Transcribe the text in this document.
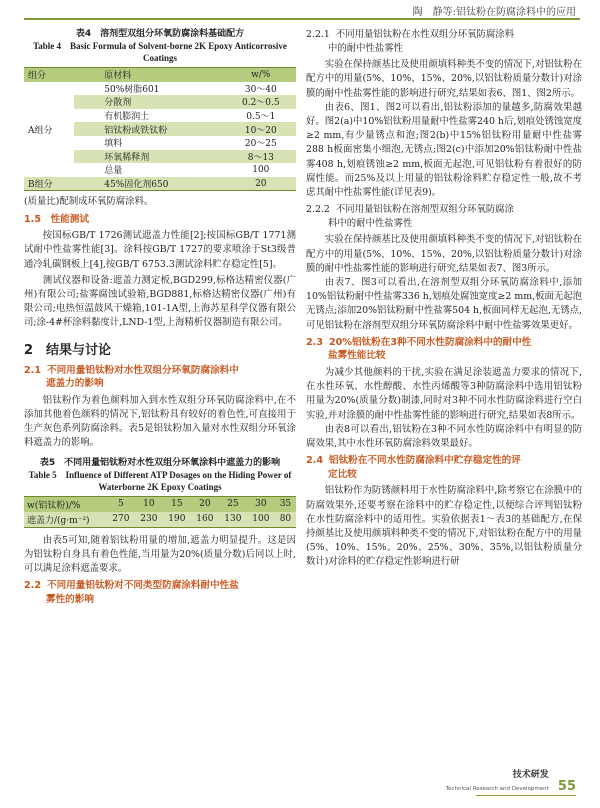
陶　静等:铝钛粉在防腐涂料中的应用
表4　溶剂型双组分环氧防腐涂料基础配方
Table 4　Basic Formula of Solvent-borne 2K Epoxy Anticorrosive Coatings
组分	原材料	w/%
A组分	50%树脂601	30～40
	分散剂	0.2～0.5
	有机膨润土	0.5～1
	铝钛粉或铁钛粉	10～20
	填料	20～25
	环氧稀释剂	8～13
	总量	100
B组分	45%固化剂650	20

(质量比)配制成环氧防腐涂料。

1.5　性能测试

按国标GB/T 1726测试遮盖力性能[2];按国标GB/T 1771测试耐中性盐雾性能[3]。涂料按GB/T 1727的要求喷涂于St3级普通冷轧碳钢板上[4],按GB/T 6753.3测试涂料贮存稳定性[5]。

测试仪器和设备:遮盖力测定板,BGD299,标格达精密仪器(广州)有限公司;盐雾腐蚀试验箱,BGD881,标格达精密仪器(广州)有限公司;电热恒温鼓风干燥箱,101-1A型,上海苏星科学仪器有限公司;涂-4#杯涂料黏度计,LND-1型,上海精析仪器制造有限公司。

2　结果与讨论
2.1 不同用量铝钛粉对水性双组分环氧防腐涂料中
遮盖力的影响

铝钛粉作为着色颜料加入到水性双组分环氧防腐涂料中,在不添加其他着色颜料的情况下,铝钛粉具有较好的着色性,可直接用于生产灰色系列防腐涂料。表5是铝钛粉加入量对水性双组分环氧涂料遮盖力的影响。

表5　不同用量铝钛粉对水性双组分环氧涂料中遮盖力的影响
Table 5　Influence of Different ATP Dosages on the Hiding Power of Waterborne 2K Epoxy Coatings
w(铝钛粉)/%	5	10	15	20	25	30	35
遮盖力/(g·m⁻²)	270	230	190	160	130	100	80

由表5可知,随着铝钛粉用量的增加,遮盖力明显提升。这是因为铝钛粉自身具有着色性能,当用量为20%(质量分数)后同以上时,可以满足涂料遮盖要求。

2.2 不同用量铝钛粉对不同类型防腐涂料耐中性盐
雾性的影响
2.2.1 不同用量铝钛粉在水性双组分环氧防腐涂料
中的耐中性盐雾性

实验在保持颜基比及使用颜填料种类不变的情况下,对铝钛粉在配方中的用量(5%、10%、15%、20%,以铝钛粉质量分数计)对涂膜的耐中性盐雾性能的影响进行研究,结果如表6、图1、图2所示。

由表6、图1、图2可以看出,铝钛粉添加的量越多,防腐效果越好。图2(a)中10%铝钛粉用量耐中性盐雾240 h后,划痕处锈蚀宽度≥2 mm,有少量锈点和泡;图2(b)中15%铝钛粉用量耐中性盐雾288 h板面密集小细泡,无锈点;图2(c)中添加20%铝钛粉耐中性盐雾408 h,划痕锈蚀≥2 mm,板面无起泡,可见铝钛粉有着很好的防腐性能。而25%及以上用量的铝钛粉涂料贮存稳定性一般,故不考虑其耐中性盐雾性能(详见表9)。

2.2.2 不同用量铝钛粉在溶剂型双组分环氧防腐涂
料中的耐中性盐雾性

实验在保持颜基比及使用颜填料种类不变的情况下,对铝钛粉在配方中的用量(5%、10%、15%、20%,以铝钛粉质量分数计)对涂膜的耐中性盐雾性能的影响进行研究,结果如表7、图3所示。

由表7、图3可以看出,在溶剂型双组分环氧防腐涂料中,添加10%铝钛粉耐中性盐雾336 h,划痕处腐蚀宽度≥2 mm,板面无起泡无锈点;添加20%铝钛粉耐中性盐雾504 h,板面同样无起泡,无锈点,可见铝钛粉在溶剂型双组分环氧防腐涂料中耐中性盐雾效果更好。

2.3 20%铝钛粉在3种不同水性防腐涂料中的耐中性
盐雾性能比较

为减少其他颜料的干扰,实验在满足涂装遮盖力要求的情况下,在水性环氧、水性醇酸、水性丙烯酸等3种防腐涂料中选用铝钛粉用量为20%(质量分数)制漆,同时对3种不同水性防腐涂料进行空白实验,并对涂膜的耐中性盐雾性能的影响进行研究,结果如表8所示。

由表8可以看出,铝钛粉在3种不同水性防腐涂料中有明显的防腐效果,其中水性环氧防腐涂料效果最好。

2.4 铝钛粉在不同水性防腐涂料中贮存稳定性的评
定比较

铝钛粉作为防锈颜料用于水性防腐涂料中,除考察它在涂膜中的防腐效果外,还要考察在涂料中的贮存稳定性,以便综合评判铝钛粉在水性防腐涂料中的适用性。实验依据表1～表3的基础配方,在保持颜基比及使用颜填料种类不变的情况下,对铝钛粉在配方中的用量(5%、10%、15%、20%、25%、30%、35%,以铝钛粉质量分数计)对涂料的贮存稳定性影响进行研

技术研发
Technical Research and Development 55
